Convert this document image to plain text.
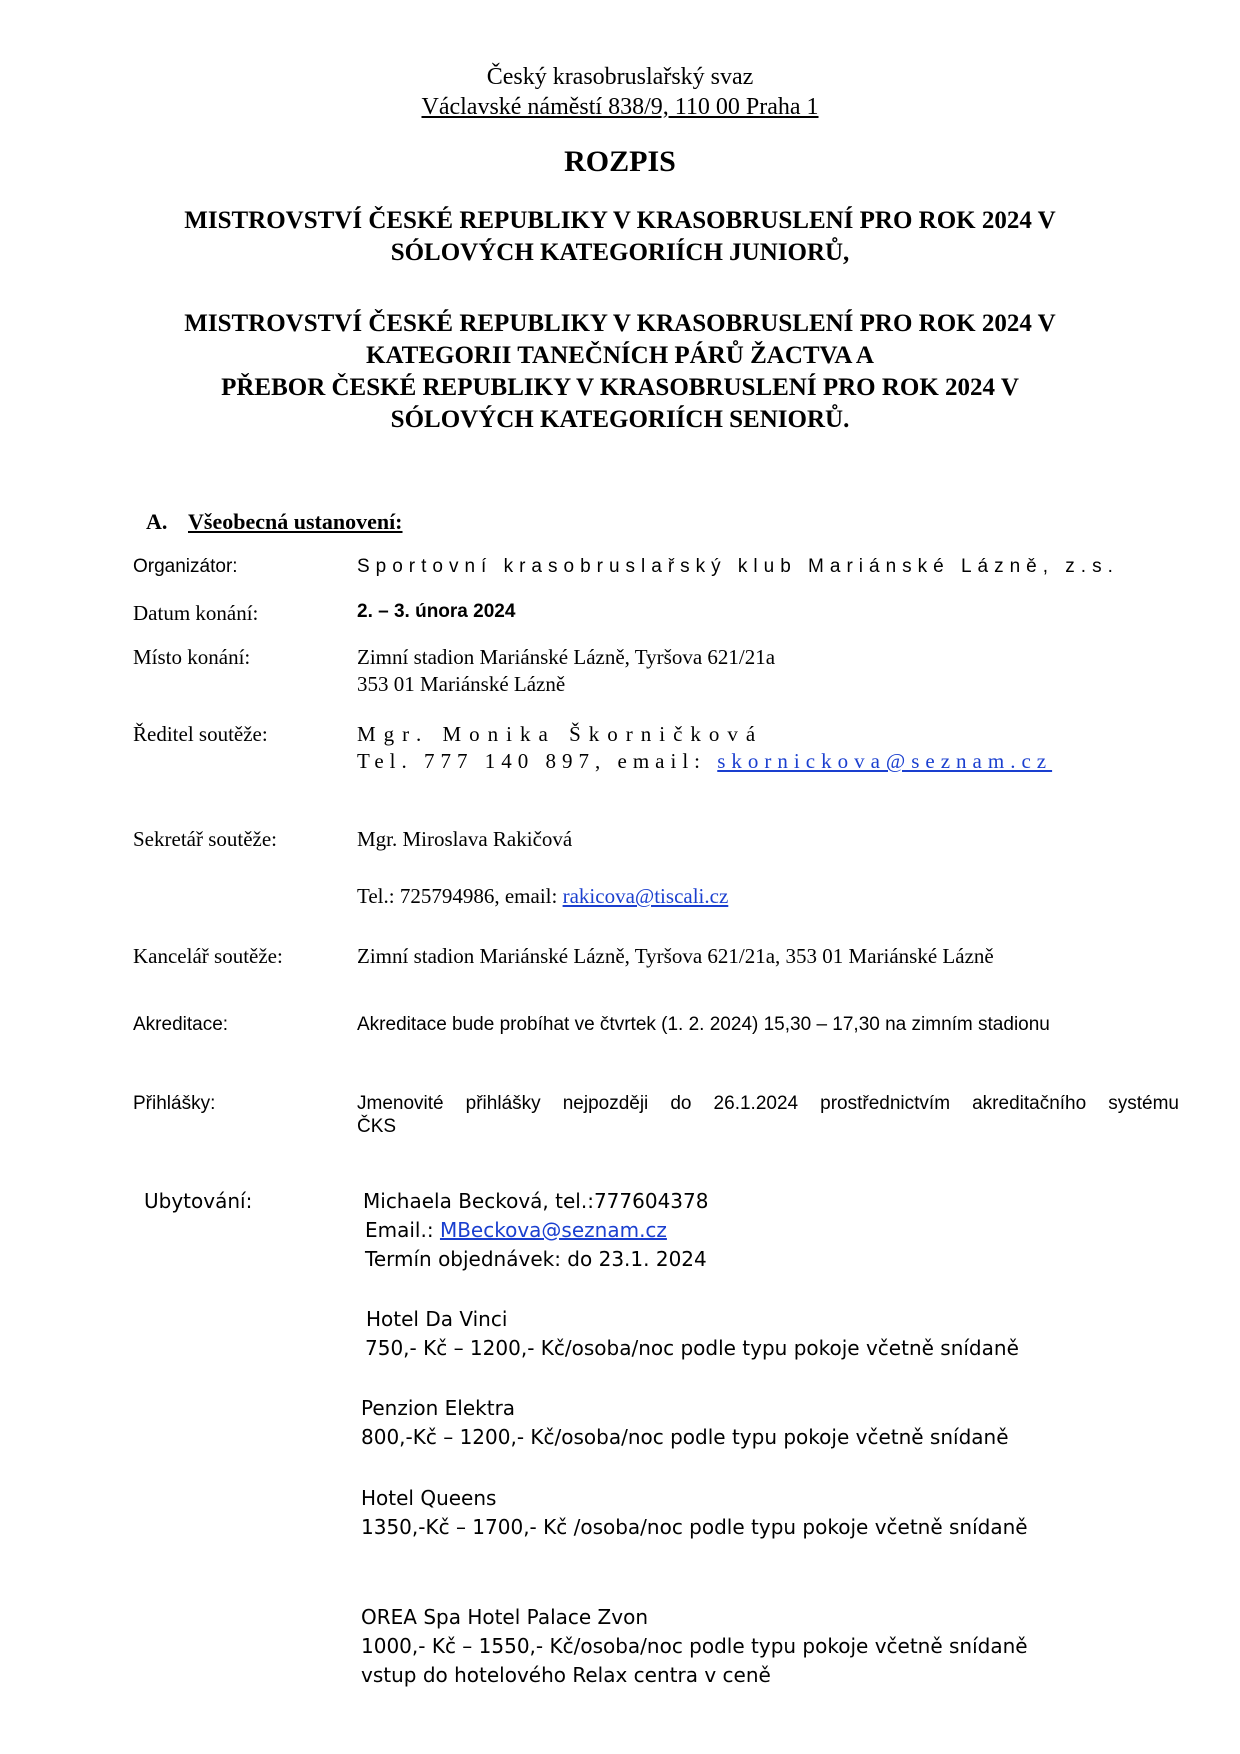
Český krasobruslařský svaz
Václavské náměstí 838/9, 110 00 Praha 1
ROZPIS
MISTROVSTVÍ ČESKÉ REPUBLIKY V KRASOBRUSLENÍ PRO ROK 2024 V
SÓLOVÝCH KATEGORIÍCH JUNIORŮ,
MISTROVSTVÍ ČESKÉ REPUBLIKY V KRASOBRUSLENÍ PRO ROK 2024 V
KATEGORII TANEČNÍCH PÁRŮ ŽACTVA A
PŘEBOR ČESKÉ REPUBLIKY V KRASOBRUSLENÍ PRO ROK 2024 V
SÓLOVÝCH KATEGORIÍCH SENIORŮ.
A. Všeobecná ustanovení:
Organizátor:	Sportovní krasobruslařský klub Mariánské Lázně, z.s.
Datum konání:	2. – 3. února 2024
Místo konání:	Zimní stadion Mariánské Lázně, Tyršova 621/21a
353 01 Mariánské Lázně
Ředitel soutěže:	Mgr. Monika Škorničková
Tel. 777 140 897, email: skornickova@seznam.cz
Sekretář soutěže:	Mgr. Miroslava Rakičová
Tel.: 725794986, email: rakicova@tiscali.cz
Kancelář soutěže:	Zimní stadion Mariánské Lázně, Tyršova 621/21a, 353 01 Mariánské Lázně
Akreditace:	Akreditace bude probíhat ve čtvrtek (1. 2. 2024) 15,30 – 17,30 na zimním stadionu
Přihlášky:	Jmenovité přihlášky nejpozději do 26.1.2024 prostřednictvím akreditačního systému
ČKS
Ubytování:	Michaela Becková, tel.:777604378
Email.: MBeckova@seznam.cz
Termín objednávek: do 23.1. 2024
Hotel Da Vinci
750,- Kč – 1200,- Kč/osoba/noc podle typu pokoje včetně snídaně
Penzion Elektra
800,-Kč – 1200,- Kč/osoba/noc podle typu pokoje včetně snídaně
Hotel Queens
1350,-Kč – 1700,- Kč /osoba/noc podle typu pokoje včetně snídaně
OREA Spa Hotel Palace Zvon
1000,- Kč – 1550,- Kč/osoba/noc podle typu pokoje včetně snídaně
vstup do hotelového Relax centra v ceně
